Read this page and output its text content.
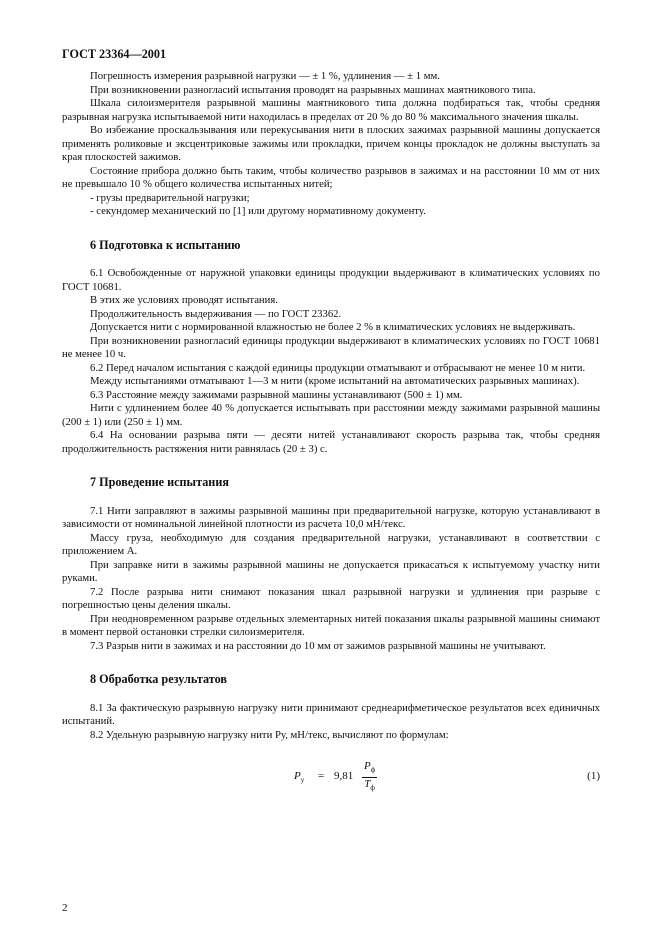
ГОСТ 23364—2001

Погрешность измерения разрывной нагрузки — ± 1 %, удлинения — ± 1 мм.

При возникновении разногласий испытания проводят на разрывных машинах маятникового типа.

Шкала силоизмерителя разрывной машины маятникового типа должна подбираться так, чтобы средняя разрывная нагрузка испытываемой нити находилась в пределах от 20 % до 80 % максимального значения шкалы.

Во избежание проскальзывания или перекусывания нити в плоских зажимах разрывной машины допускается применять роликовые и эксцентриковые зажимы или прокладки, причем концы прокладок не должны выступать за края плоскостей зажимов.

Состояние прибора должно быть таким, чтобы количество разрывов в зажимах и на расстоянии 10 мм от них не превышало 10 % общего количества испытанных нитей;

- грузы предварительной нагрузки;

- секундомер механический по [1] или другому нормативному документу.

6 Подготовка к испытанию

6.1 Освобожденные от наружной упаковки единицы продукции выдерживают в климатических условиях по ГОСТ 10681.

В этих же условиях проводят испытания.

Продолжительность выдерживания — по ГОСТ 23362.

Допускается нити с нормированной влажностью не более 2 % в климатических условиях не выдерживать.

При возникновении разногласий единицы продукции выдерживают в климатических условиях по ГОСТ 10681 не менее 10 ч.

6.2 Перед началом испытания с каждой единицы продукции отматывают и отбрасывают не менее 10 м нити.

Между испытаниями отматывают 1—3 м нити (кроме испытаний на автоматических разрывных машинах).

6.3 Расстояние между зажимами разрывной машины устанавливают (500 ± 1) мм.

Нити с удлинением более 40 % допускается испытывать при расстоянии между зажимами разрывной машины (200 ± 1) или (250 ± 1) мм.

6.4 На основании разрыва пяти — десяти нитей устанавливают скорость разрыва так, чтобы средняя продолжительность растяжения нити равнялась (20 ± 3) с.

7 Проведение испытания

7.1 Нити заправляют в зажимы разрывной машины при предварительной нагрузке, которую устанавливают в зависимости от номинальной линейной плотности из расчета 10,0 мН/текс.

Массу груза, необходимую для создания предварительной нагрузки, устанавливают в соответствии с приложением А.

При заправке нити в зажимы разрывной машины не допускается прикасаться к испытуемому участку нити руками.

7.2 После разрыва нити снимают показания шкал разрывной нагрузки и удлинения при разрыве с погрешностью цены деления шкалы.

При неодновременном разрыве отдельных элементарных нитей показания шкалы разрывной машины снимают в момент первой остановки стрелки силоизмерителя.

7.3 Разрыв нити в зажимах и на расстоянии до 10 мм от зажимов разрывной машины не учитывают.

8 Обработка результатов

8.1 За фактическую разрывную нагрузку нити принимают среднеарифметическое результатов всех единичных испытаний.

8.2 Удельную разрывную нагрузку нити Pу, мН/текс, вычисляют по формулам:

$P_у = 9,81$
$P_ф$
$T_ф$
(1)
2
